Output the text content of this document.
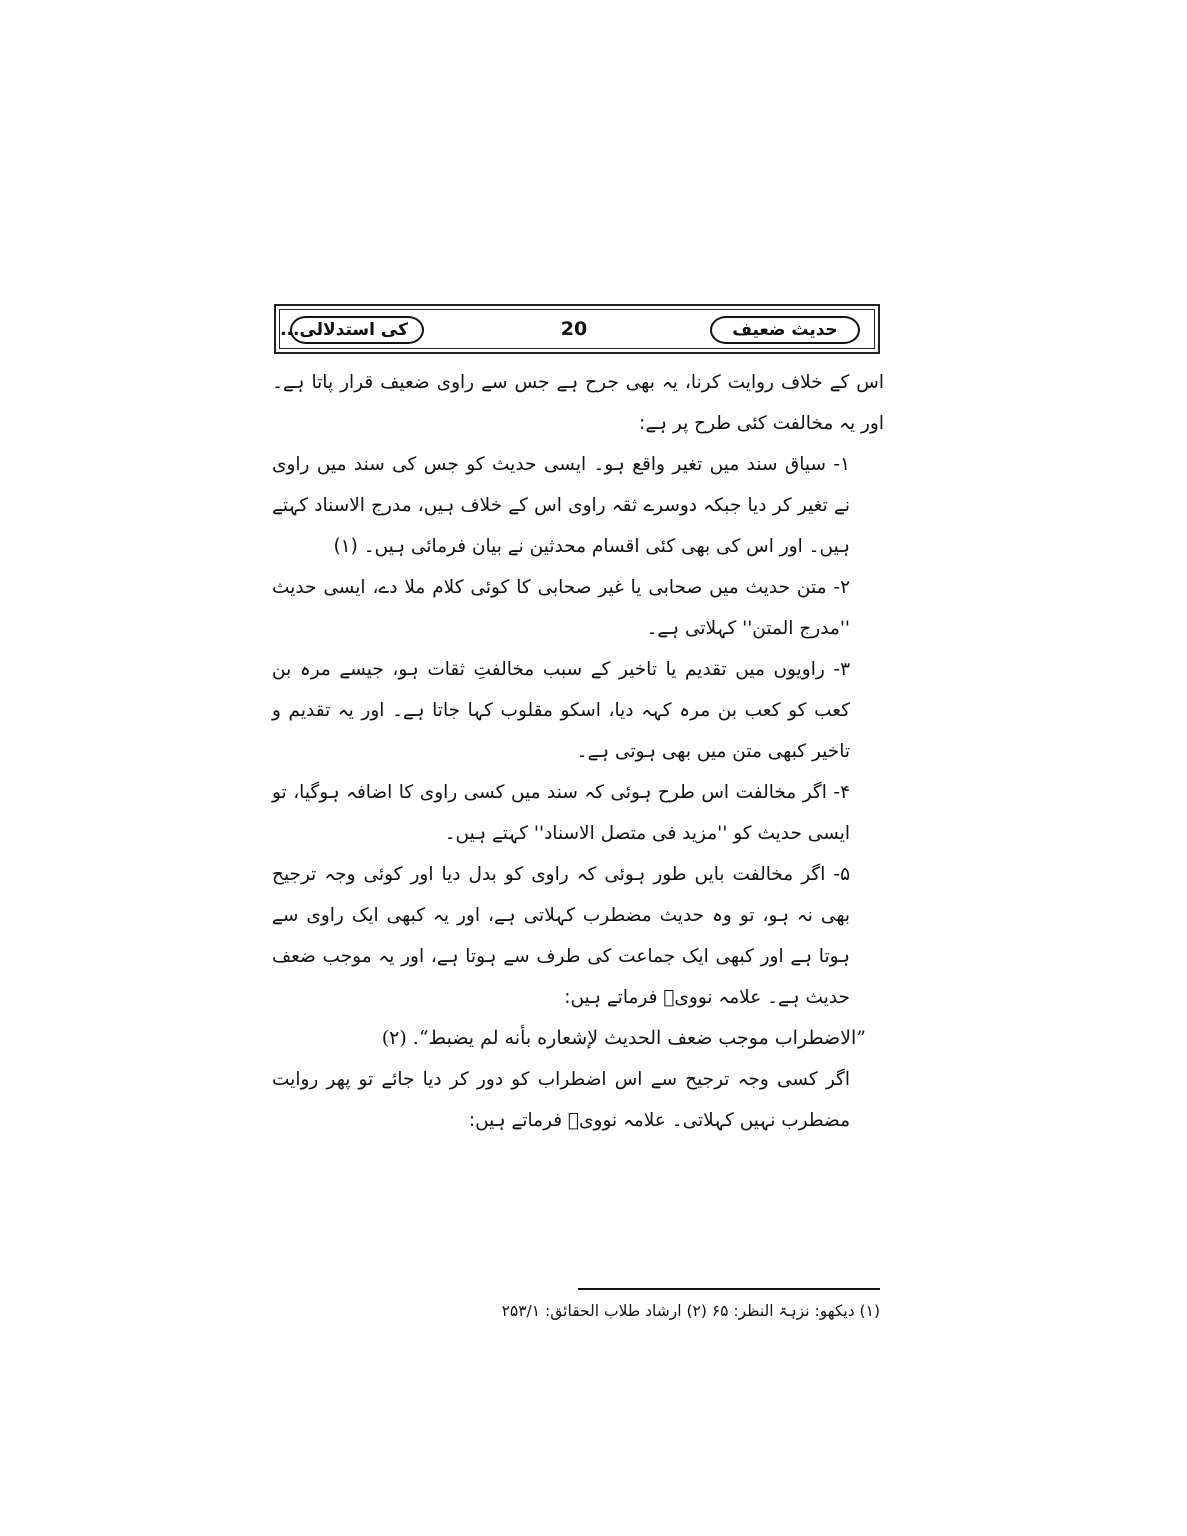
حدیث ضعیف
20
کی استدلالی...

اس کے خلاف روایت کرنا، یہ بھی جرح ہے جس سے راوی ضعیف قرار پاتا ہے۔ اور یہ مخالفت کئی طرح پر ہے:

۱- سیاق سند میں تغیر واقع ہو۔ ایسی حدیث کو جس کی سند میں راوی نے تغیر کر دیا جبکہ دوسرے ثقہ راوی اس کے خلاف ہیں، مدرج الاسناد کہتے ہیں۔ اور اس کی بھی کئی اقسام محدثین نے بیان فرمائی ہیں۔ (۱)

۲- متن حدیث میں صحابی یا غیر صحابی کا کوئی کلام ملا دے، ایسی حدیث ''مدرج المتن'' کہلاتی ہے۔

۳- راویوں میں تقدیم یا تاخیر کے سبب مخالفتِ ثقات ہو، جیسے مرہ بن کعب کو کعب بن مرہ کہہ دیا، اسکو مقلوب کہا جاتا ہے۔ اور یہ تقدیم و تاخیر کبھی متن میں بھی ہوتی ہے۔

۴- اگر مخالفت اس طرح ہوئی کہ سند میں کسی راوی کا اضافہ ہوگیا، تو ایسی حدیث کو ''مزید فی متصل الاسناد'' کہتے ہیں۔

۵- اگر مخالفت بایں طور ہوئی کہ راوی کو بدل دیا اور کوئی وجہ ترجیح بھی نہ ہو، تو وہ حدیث مضطرب کہلاتی ہے، اور یہ کبھی ایک راوی سے ہوتا ہے اور کبھی ایک جماعت کی طرف سے ہوتا ہے، اور یہ موجب ضعف حدیث ہے۔ علامہ نوویؒ فرماتے ہیں:

”الاضطراب موجب ضعف الحدیث لإشعاره بأنه لم یضبط“. (۲)

اگر کسی وجہ ترجیح سے اس اضطراب کو دور کر دیا جائے تو پھر روایت مضطرب نہیں کہلاتی۔ علامہ نوویؒ فرماتے ہیں:

(۱) دیکھو: نزہۃ النظر: ۶۵ (۲) ارشاد طلاب الحقائق: ۲۵۳/۱
